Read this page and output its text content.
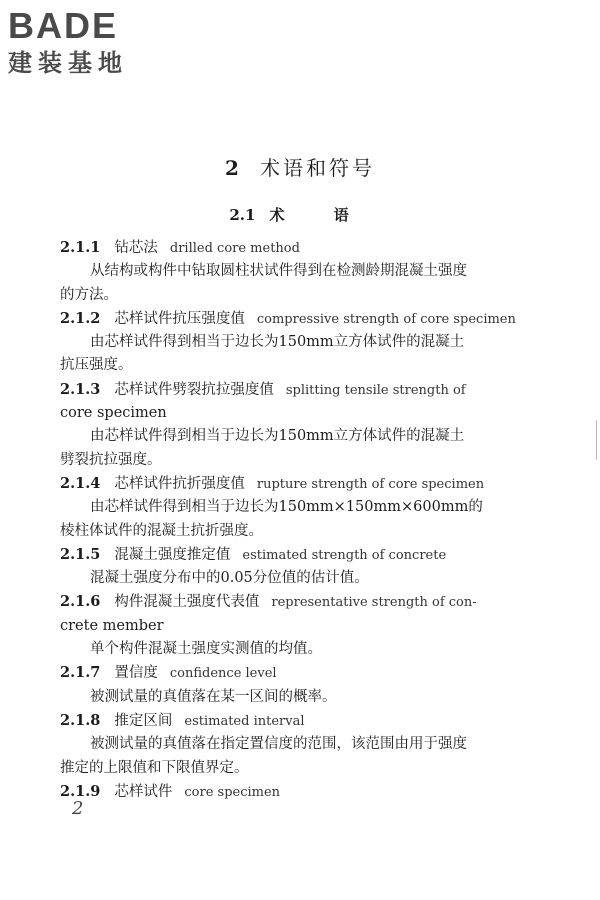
BADE
建装基地
2 术语和符号
2.1 术 语

2.1.1 钻芯法 drilled core method

从结构或构件中钻取圆柱状试件得到在检测龄期混凝土强度

的方法。

2.1.2 芯样试件抗压强度值 compressive strength of core specimen

由芯样试件得到相当于边长为150mm立方体试件的混凝土

抗压强度。

2.1.3 芯样试件劈裂抗拉强度值 splitting tensile strength of

core specimen

由芯样试件得到相当于边长为150mm立方体试件的混凝土

劈裂抗拉强度。

2.1.4 芯样试件抗折强度值 rupture strength of core specimen

由芯样试件得到相当于边长为150mm×150mm×600mm的

棱柱体试件的混凝土抗折强度。

2.1.5 混凝土强度推定值 estimated strength of concrete

混凝土强度分布中的0.05分位值的估计值。

2.1.6 构件混凝土强度代表值 representative strength of con-

crete member

单个构件混凝土强度实测值的均值。

2.1.7 置信度 confidence level

被测试量的真值落在某一区间的概率。

2.1.8 推定区间 estimated interval

被测试量的真值落在指定置信度的范围，该范围由用于强度

推定的上限值和下限值界定。

2.1.9 芯样试件 core specimen

2
